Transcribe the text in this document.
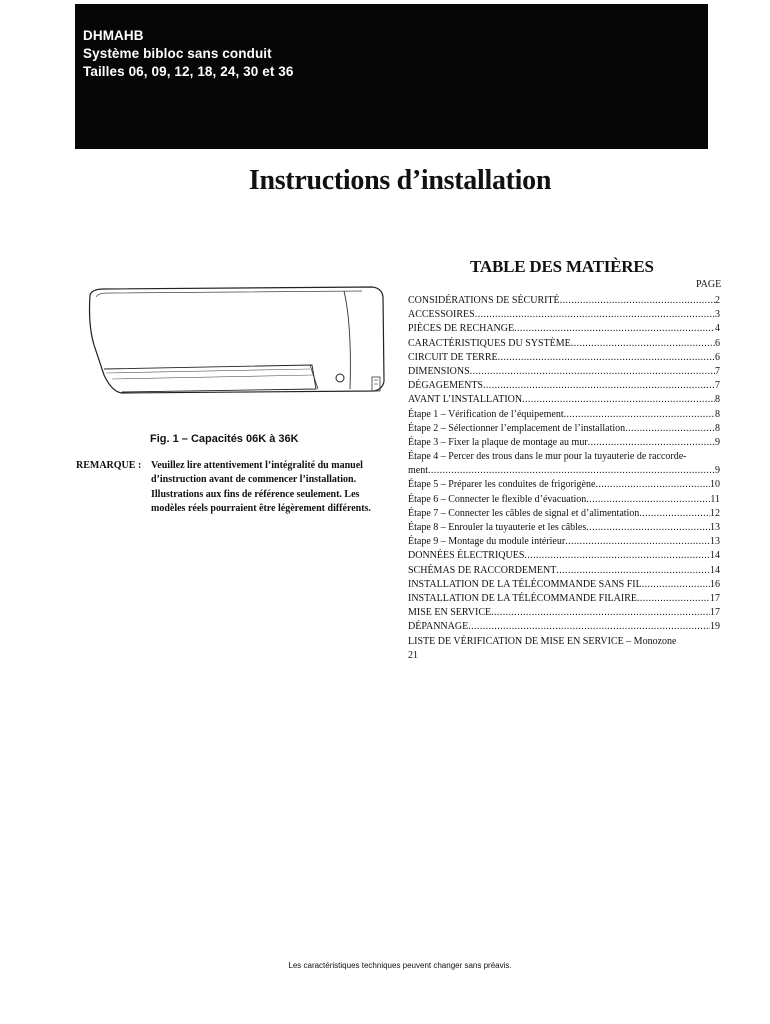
DHMAHB
Système bibloc sans conduit
Tailles 06, 09, 12, 18, 24, 30 et 36
Instructions d’installation
Fig. 1 – Capacités 06K à 36K
REMARQUE : Veuillez lire attentivement l’intégralité du manuel d’instruction avant de commencer l’installation. Illustrations aux fins de référence seulement. Les modèles réels pourraient être légèrement différents.
TABLE DES MATIÈRES
PAGE
CONSIDÉRATIONS DE SÉCURITÉ .....	2
ACCESSOIRES .....	3
PIÈCES DE RECHANGE .....	4
CARACTÉRISTIQUES DU SYSTÈME .....	6
CIRCUIT DE TERRE .....	6
DIMENSIONS .....	7
DÉGAGEMENTS .....	7
AVANT L’INSTALLATION .....	8
Étape 1 – Vérification de l’équipement .....	8
Étape 2 – Sélectionner l’emplacement de l’installation .....	8
Étape 3 – Fixer la plaque de montage au mur .....	9
Étape 4 – Percer des trous dans le mur pour la tuyauterie de raccorde-
ment .....	9
Étape 5 – Préparer les conduites de frigorigène .....	10
Étape 6 – Connecter le flexible d’évacuation .....	11
Étape 7 – Connecter les câbles de signal et d’alimentation .....	12
Étape 8 – Enrouler la tuyauterie et les câbles .....	13
Étape 9 – Montage du module intérieur .....	13
DONNÉES ÉLECTRIQUES .....	14
SCHÉMAS DE RACCORDEMENT .....	14
INSTALLATION DE LA TÉLÉCOMMANDE SANS FIL .....	16
INSTALLATION DE LA TÉLÉCOMMANDE FILAIRE .....	17
MISE EN SERVICE .....	17
DÉPANNAGE .....	19
LISTE DE VÉRIFICATION DE MISE EN SERVICE – Monozone
21
Les caractéristiques techniques peuvent changer sans préavis.
